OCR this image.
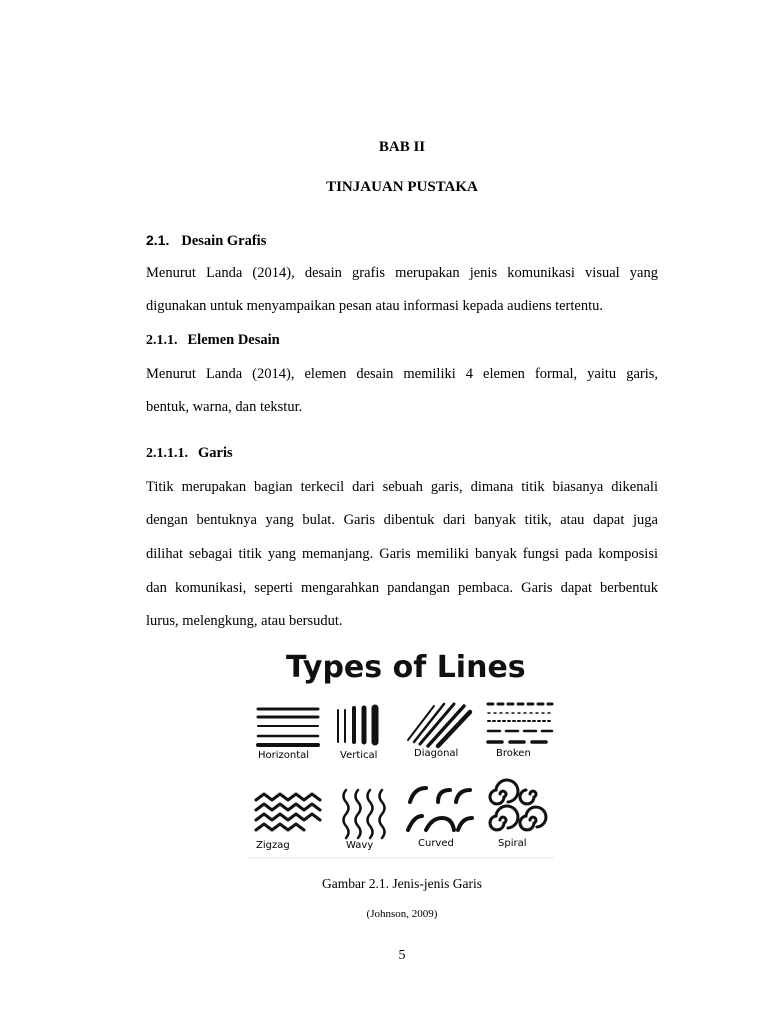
BAB II
TINJAUAN PUSTAKA
2.1. Desain Grafis
Menurut Landa (2014), desain grafis merupakan jenis komunikasi visual yang
digunakan untuk menyampaikan pesan atau informasi kepada audiens tertentu.
2.1.1. Elemen Desain
Menurut Landa (2014), elemen desain memiliki 4 elemen formal, yaitu garis,
bentuk, warna, dan tekstur.
2.1.1.1. Garis
Titik merupakan bagian terkecil dari sebuah garis, dimana titik biasanya dikenali
dengan bentuknya yang bulat. Garis dibentuk dari banyak titik, atau dapat juga
dilihat sebagai titik yang memanjang. Garis memiliki banyak fungsi pada komposisi
dan komunikasi, seperti mengarahkan pandangan pembaca. Garis dapat berbentuk
lurus, melengkung, atau bersudut.
Types of Lines
Horizontal	Vertical	Diagonal	Broken
Zigzag	Wavy	Curved	Spiral
Gambar 2.1. Jenis-jenis Garis
(Johnson, 2009)
5
